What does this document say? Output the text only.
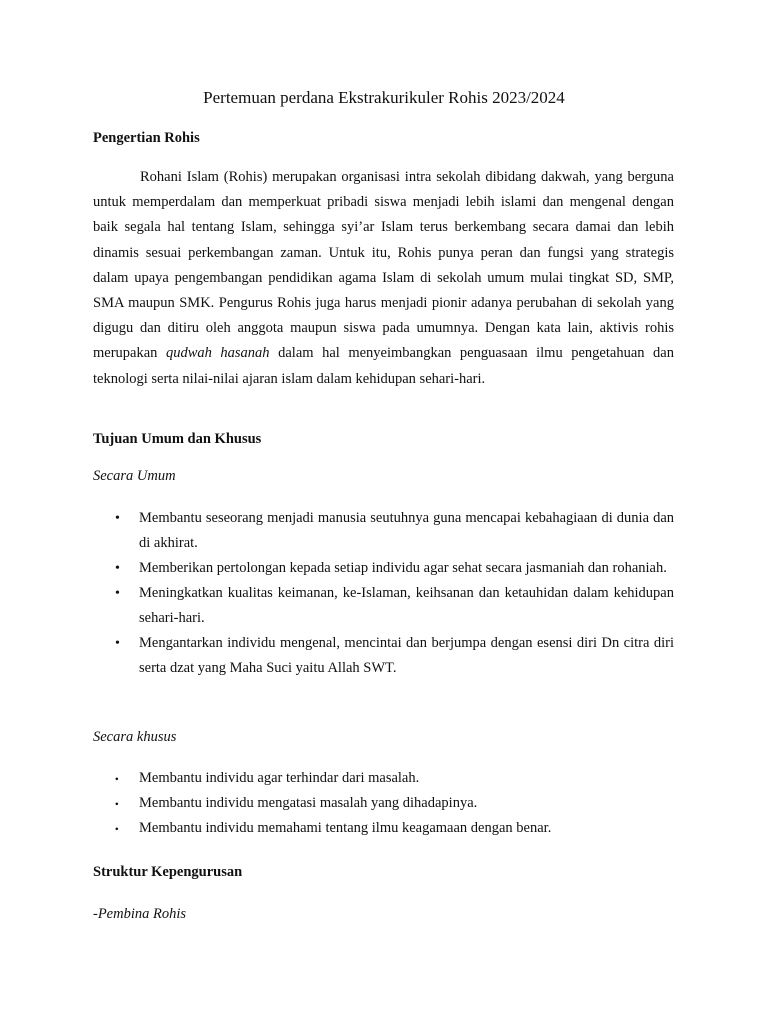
Pertemuan perdana Ekstrakurikuler Rohis 2023/2024
Pengertian Rohis

Rohani Islam (Rohis) merupakan organisasi intra sekolah dibidang dakwah, yang berguna untuk memperdalam dan memperkuat pribadi siswa menjadi lebih islami dan mengenal dengan baik segala hal tentang Islam, sehingga syi’ar Islam terus berkembang secara damai dan lebih dinamis sesuai perkembangan zaman. Untuk itu, Rohis punya peran dan fungsi yang strategis dalam upaya pengembangan pendidikan agama Islam di sekolah umum mulai tingkat SD, SMP, SMA maupun SMK. Pengurus Rohis juga harus menjadi pionir adanya perubahan di sekolah yang digugu dan ditiru oleh anggota maupun siswa pada umumnya. Dengan kata lain, aktivis rohis merupakan qudwah hasanah dalam hal menyeimbangkan penguasaan ilmu pengetahuan dan teknologi serta nilai-nilai ajaran islam dalam kehidupan sehari-hari.

Tujuan Umum dan Khusus
Secara Umum
•	Membantu seseorang menjadi manusia seutuhnya guna mencapai kebahagiaan di dunia dan di akhirat.
•	Memberikan pertolongan kepada setiap individu agar sehat secara jasmaniah dan rohaniah.
•	Meningkatkan kualitas keimanan, ke-Islaman, keihsanan dan ketauhidan dalam kehidupan sehari-hari.
•	Mengantarkan individu mengenal, mencintai dan berjumpa dengan esensi diri Dn citra diri serta dzat yang Maha Suci yaitu Allah SWT.
Secara khusus
•	Membantu individu agar terhindar dari masalah.
•	Membantu individu mengatasi masalah yang dihadapinya.
•	Membantu individu memahami tentang ilmu keagamaan dengan benar.
Struktur Kepengurusan
-Pembina Rohis
